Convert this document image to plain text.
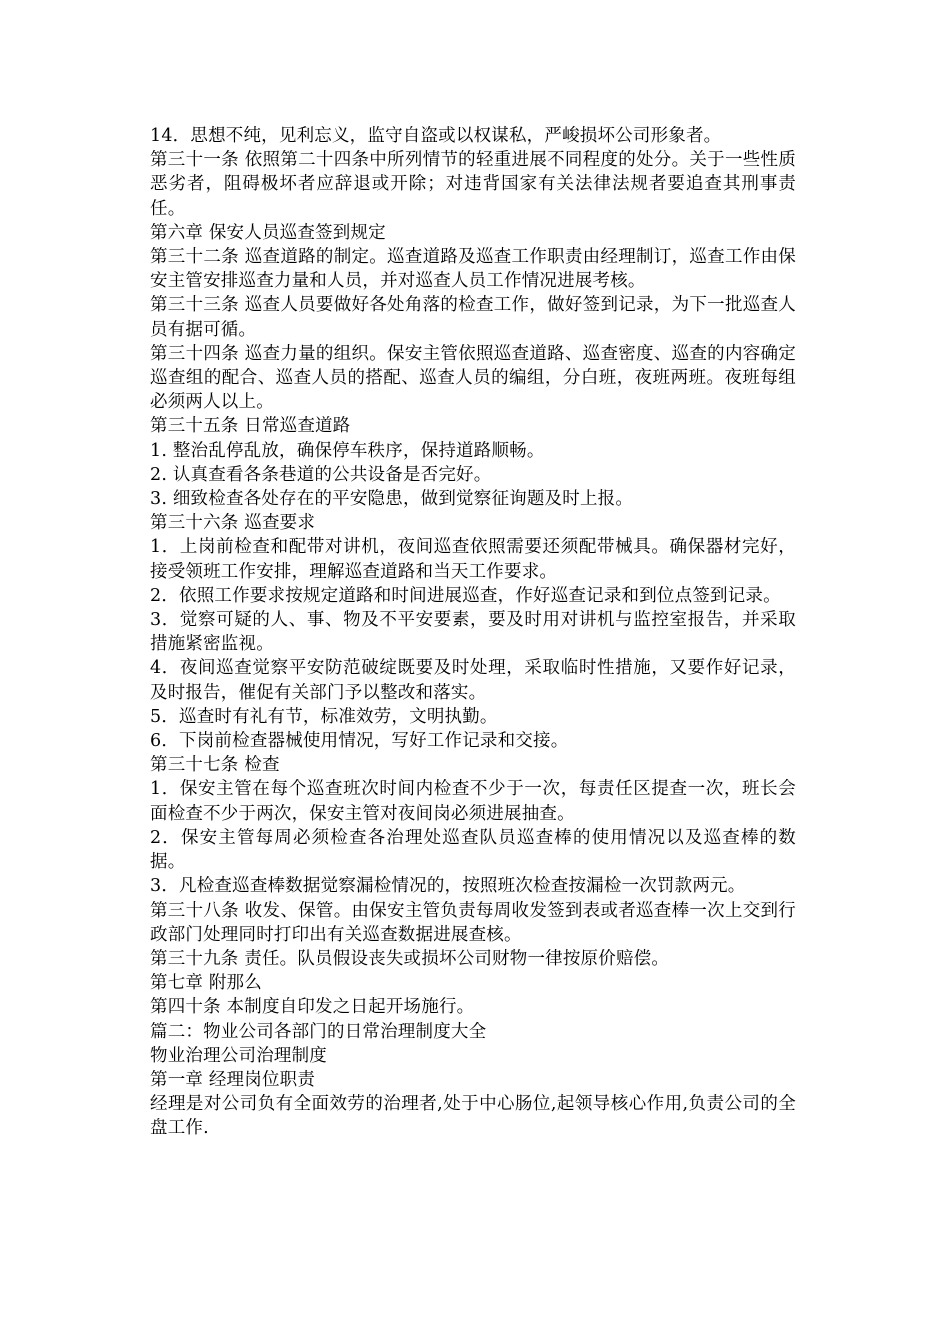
14．思想不纯，见利忘义，监守自盗或以权谋私，严峻损坏公司形象者。

第三十一条 依照第二十四条中所列情节的轻重进展不同程度的处分。关于一些性质恶劣者，阻碍极坏者应辞退或开除；对违背国家有关法律法规者要追查其刑事责任。

第六章 保安人员巡查签到规定

第三十二条 巡查道路的制定。巡查道路及巡查工作职责由经理制订，巡查工作由保安主管安排巡查力量和人员，并对巡查人员工作情况进展考核。

第三十三条 巡查人员要做好各处角落的检查工作，做好签到记录，为下一批巡查人员有据可循。

第三十四条 巡查力量的组织。保安主管依照巡查道路、巡查密度、巡查的内容确定巡查组的配合、巡查人员的搭配、巡查人员的编组，分白班，夜班两班。夜班每组必须两人以上。

第三十五条 日常巡查道路

1. 整治乱停乱放，确保停车秩序，保持道路顺畅。

2. 认真查看各条巷道的公共设备是否完好。

3. 细致检查各处存在的平安隐患，做到觉察征询题及时上报。

第三十六条 巡查要求

1．上岗前检查和配带对讲机，夜间巡查依照需要还须配带械具。确保器材完好，接受领班工作安排，理解巡查道路和当天工作要求。

2．依照工作要求按规定道路和时间进展巡查，作好巡查记录和到位点签到记录。

3．觉察可疑的人、事、物及不平安要素，要及时用对讲机与监控室报告，并采取措施紧密监视。

4．夜间巡查觉察平安防范破绽既要及时处理，采取临时性措施，又要作好记录，及时报告，催促有关部门予以整改和落实。

5．巡查时有礼有节，标准效劳，文明执勤。

6．下岗前检查器械使用情况，写好工作记录和交接。

第三十七条 检查

1．保安主管在每个巡查班次时间内检查不少于一次，每责任区提查一次，班长会面检查不少于两次，保安主管对夜间岗必须进展抽查。

2．保安主管每周必须检查各治理处巡查队员巡查棒的使用情况以及巡查棒的数据。

3．凡检查巡查棒数据觉察漏检情况的，按照班次检查按漏检一次罚款两元。

第三十八条 收发、保管。由保安主管负责每周收发签到表或者巡查棒一次上交到行政部门处理同时打印出有关巡查数据进展查核。

第三十九条 责任。队员假设丧失或损坏公司财物一律按原价赔偿。

第七章 附那么

第四十条 本制度自印发之日起开场施行。

篇二：物业公司各部门的日常治理制度大全

物业治理公司治理制度

第一章 经理岗位职责

经理是对公司负有全面效劳的治理者,处于中心肠位,起领导核心作用,负责公司的全盘工作.
